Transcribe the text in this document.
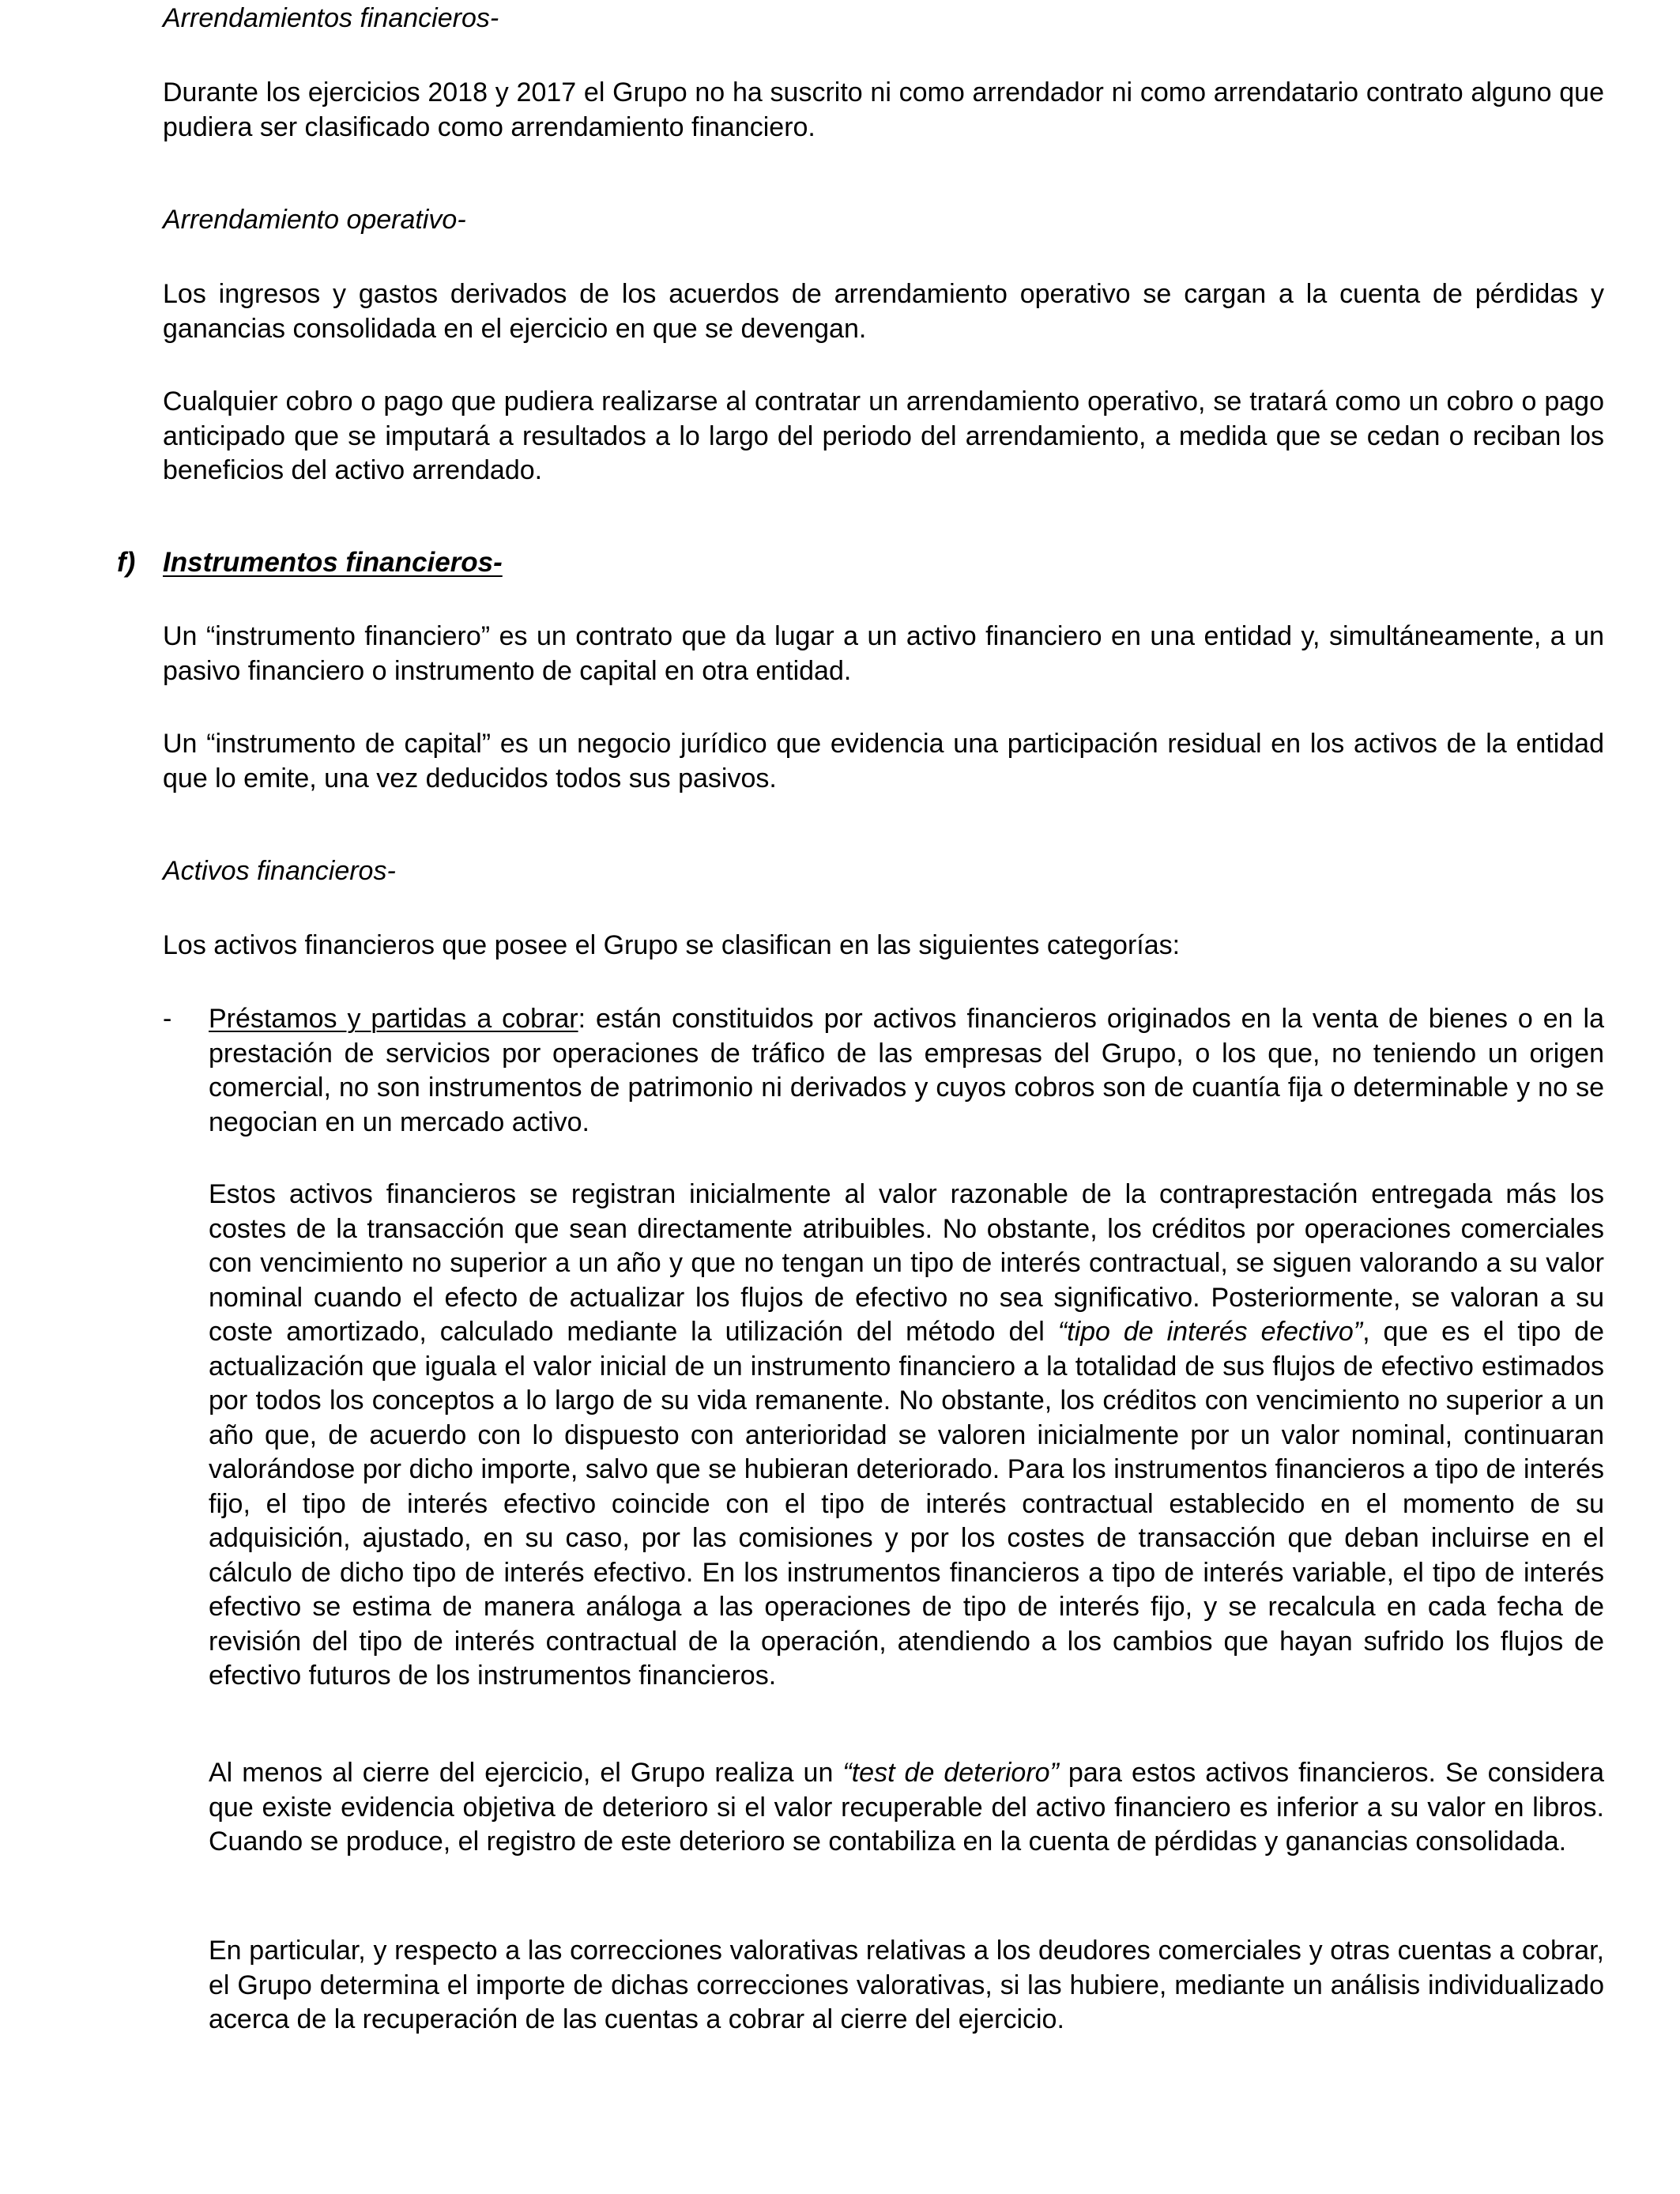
Arrendamientos financieros-

Durante los ejercicios 2018 y 2017 el Grupo no ha suscrito ni como arrendador ni como arrendatario contrato alguno que pudiera ser clasificado como arrendamiento financiero.

Arrendamiento operativo-

Los ingresos y gastos derivados de los acuerdos de arrendamiento operativo se cargan a la cuenta de pérdidas y ganancias consolidada en el ejercicio en que se devengan.

Cualquier cobro o pago que pudiera realizarse al contratar un arrendamiento operativo, se tratará como un cobro o pago anticipado que se imputará a resultados a lo largo del periodo del arrendamiento, a medida que se cedan o reciban los beneficios del activo arrendado.

f) Instrumentos financieros-

Un “instrumento financiero” es un contrato que da lugar a un activo financiero en una entidad y, simultáneamente, a un pasivo financiero o instrumento de capital en otra entidad.

Un “instrumento de capital” es un negocio jurídico que evidencia una participación residual en los activos de la entidad que lo emite, una vez deducidos todos sus pasivos.

Activos financieros-

Los activos financieros que posee el Grupo se clasifican en las siguientes categorías:

- Préstamos y partidas a cobrar: están constituidos por activos financieros originados en la venta de bienes o en la prestación de servicios por operaciones de tráfico de las empresas del Grupo, o los que, no teniendo un origen comercial, no son instrumentos de patrimonio ni derivados y cuyos cobros son de cuantía fija o determinable y no se negocian en un mercado activo.

Estos activos financieros se registran inicialmente al valor razonable de la contraprestación entregada más los costes de la transacción que sean directamente atribuibles. No obstante, los créditos por operaciones comerciales con vencimiento no superior a un año y que no tengan un tipo de interés contractual, se siguen valorando a su valor nominal cuando el efecto de actualizar los flujos de efectivo no sea significativo. Posteriormente, se valoran a su coste amortizado, calculado mediante la utilización del método del “tipo de interés efectivo”, que es el tipo de actualización que iguala el valor inicial de un instrumento financiero a la totalidad de sus flujos de efectivo estimados por todos los conceptos a lo largo de su vida remanente. No obstante, los créditos con vencimiento no superior a un año que, de acuerdo con lo dispuesto con anterioridad se valoren inicialmente por un valor nominal, continuaran valorándose por dicho importe, salvo que se hubieran deteriorado. Para los instrumentos financieros a tipo de interés fijo, el tipo de interés efectivo coincide con el tipo de interés contractual establecido en el momento de su adquisición, ajustado, en su caso, por las comisiones y por los costes de transacción que deban incluirse en el cálculo de dicho tipo de interés efectivo. En los instrumentos financieros a tipo de interés variable, el tipo de interés efectivo se estima de manera análoga a las operaciones de tipo de interés fijo, y se recalcula en cada fecha de revisión del tipo de interés contractual de la operación, atendiendo a los cambios que hayan sufrido los flujos de efectivo futuros de los instrumentos financieros.

Al menos al cierre del ejercicio, el Grupo realiza un “test de deterioro” para estos activos financieros. Se considera que existe evidencia objetiva de deterioro si el valor recuperable del activo financiero es inferior a su valor en libros. Cuando se produce, el registro de este deterioro se contabiliza en la cuenta de pérdidas y ganancias consolidada.

En particular, y respecto a las correcciones valorativas relativas a los deudores comerciales y otras cuentas a cobrar, el Grupo determina el importe de dichas correcciones valorativas, si las hubiere, mediante un análisis individualizado acerca de la recuperación de las cuentas a cobrar al cierre del ejercicio.
